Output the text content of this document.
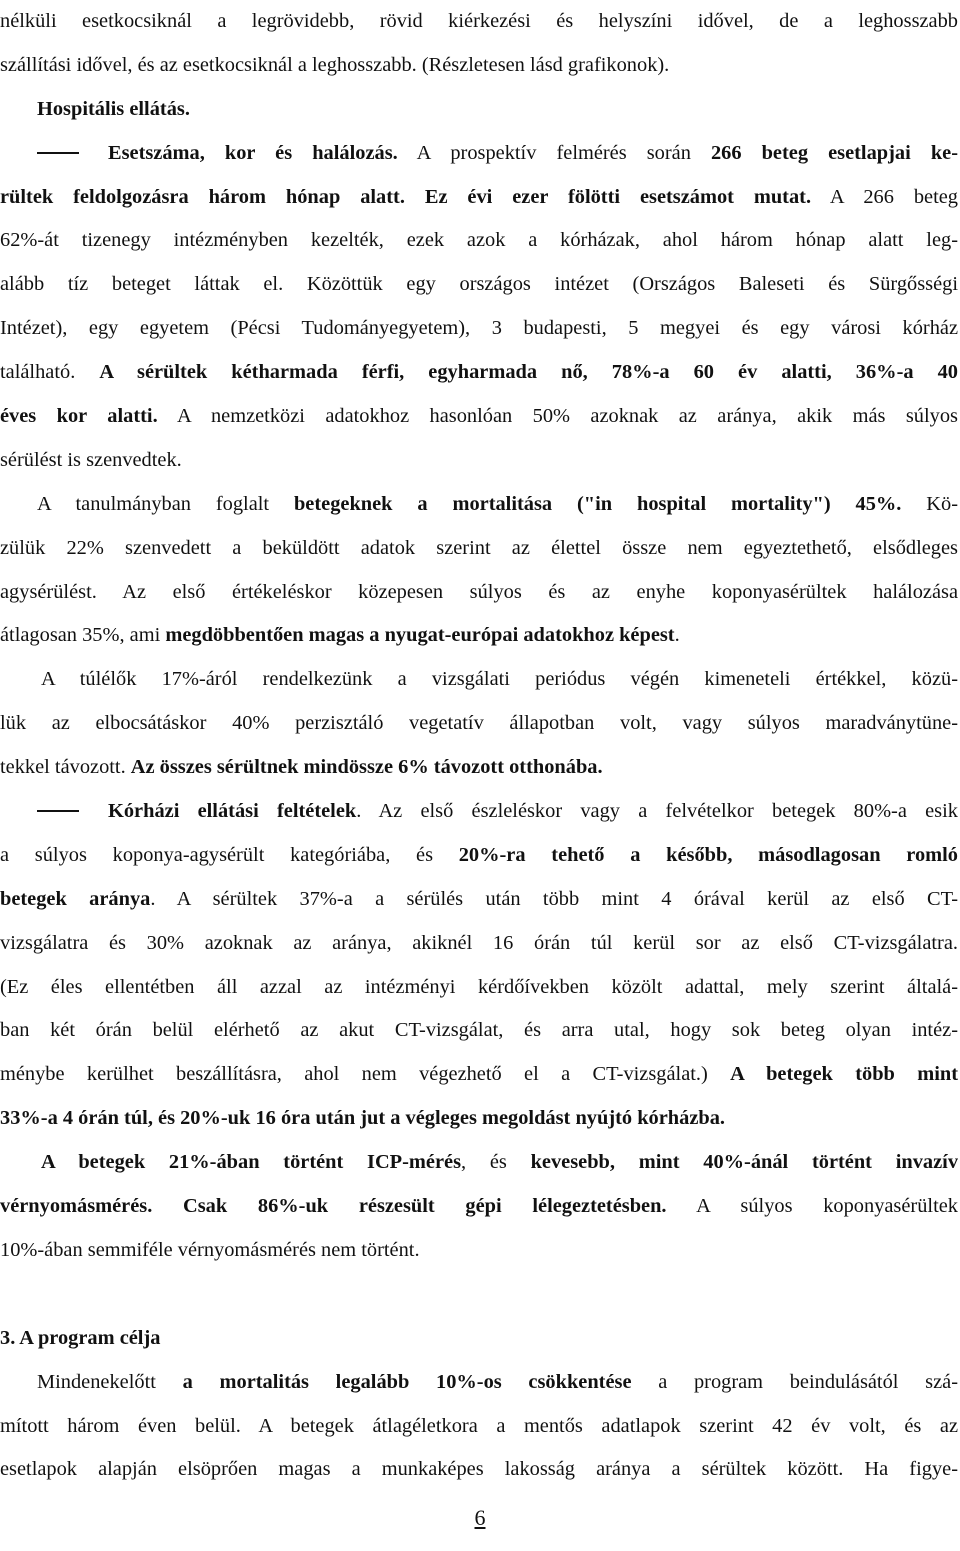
nélküli esetkocsiknál a legrövidebb, rövid kiérkezési és helyszíni idővel, de a leghosszabb
szállítási idővel, és az esetkocsiknál a leghosszabb. (Részletesen lásd grafikonok).
Hospitális ellátás.
Esetszáma, kor és halálozás. A prospektív felmérés során 266 beteg esetlapjai ke-
rültek feldolgozásra három hónap alatt. Ez évi ezer fölötti esetszámot mutat. A 266 beteg
62%-át tizenegy intézményben kezelték, ezek azok a kórházak, ahol három hónap alatt leg-
alább tíz beteget láttak el. Közöttük egy országos intézet (Országos Baleseti és Sürgősségi
Intézet), egy egyetem (Pécsi Tudományegyetem), 3 budapesti, 5 megyei és egy városi kórház
található. A sérültek kétharmada férfi, egyharmada nő, 78%-a 60 év alatti, 36%-a 40
éves kor alatti. A nemzetközi adatokhoz hasonlóan 50% azoknak az aránya, akik más súlyos
sérülést is szenvedtek.
A tanulmányban foglalt betegeknek a mortalitása ("in hospital mortality") 45%. Kö-
zülük 22% szenvedett a beküldött adatok szerint az élettel össze nem egyeztethető, elsődleges
agysérülést. Az első értékeléskor közepesen súlyos és az enyhe koponyasérültek halálozása
átlagosan 35%, ami megdöbbentően magas a nyugat-európai adatokhoz képest.
A túlélők 17%-áról rendelkezünk a vizsgálati periódus végén kimeneteli értékkel, közü-
lük az elbocsátáskor 40% perzisztáló vegetatív állapotban volt, vagy súlyos maradványtüne-
tekkel távozott. Az összes sérültnek mindössze 6% távozott otthonába.
Kórházi ellátási feltételek. Az első észleléskor vagy a felvételkor betegek 80%-a esik
a súlyos koponya-agysérült kategóriába, és 20%-ra tehető a később, másodlagosan romló
betegek aránya. A sérültek 37%-a a sérülés után több mint 4 órával kerül az első CT-
vizsgálatra és 30% azoknak az aránya, akiknél 16 órán túl kerül sor az első CT-vizsgálatra.
(Ez éles ellentétben áll azzal az intézményi kérdőívekben közölt adattal, mely szerint általá-
ban két órán belül elérhető az akut CT-vizsgálat, és arra utal, hogy sok beteg olyan intéz-
ménybe kerülhet beszállításra, ahol nem végezhető el a CT-vizsgálat.) A betegek több mint
33%-a 4 órán túl, és 20%-uk 16 óra után jut a végleges megoldást nyújtó kórházba.
A betegek 21%-ában történt ICP-mérés, és kevesebb, mint 40%-ánál történt invazív
vérnyomásmérés. Csak 86%-uk részesült gépi lélegeztetésben. A súlyos koponyasérültek
10%-ában semmiféle vérnyomásmérés nem történt.
3. A program célja
Mindenekelőtt a mortalitás legalább 10%-os csökkentése a program beindulásától szá-
mított három éven belül. A betegek átlagéletkora a mentős adatlapok szerint 42 év volt, és az
esetlapok alapján elsöprően magas a munkaképes lakosság aránya a sérültek között. Ha figye-
6
